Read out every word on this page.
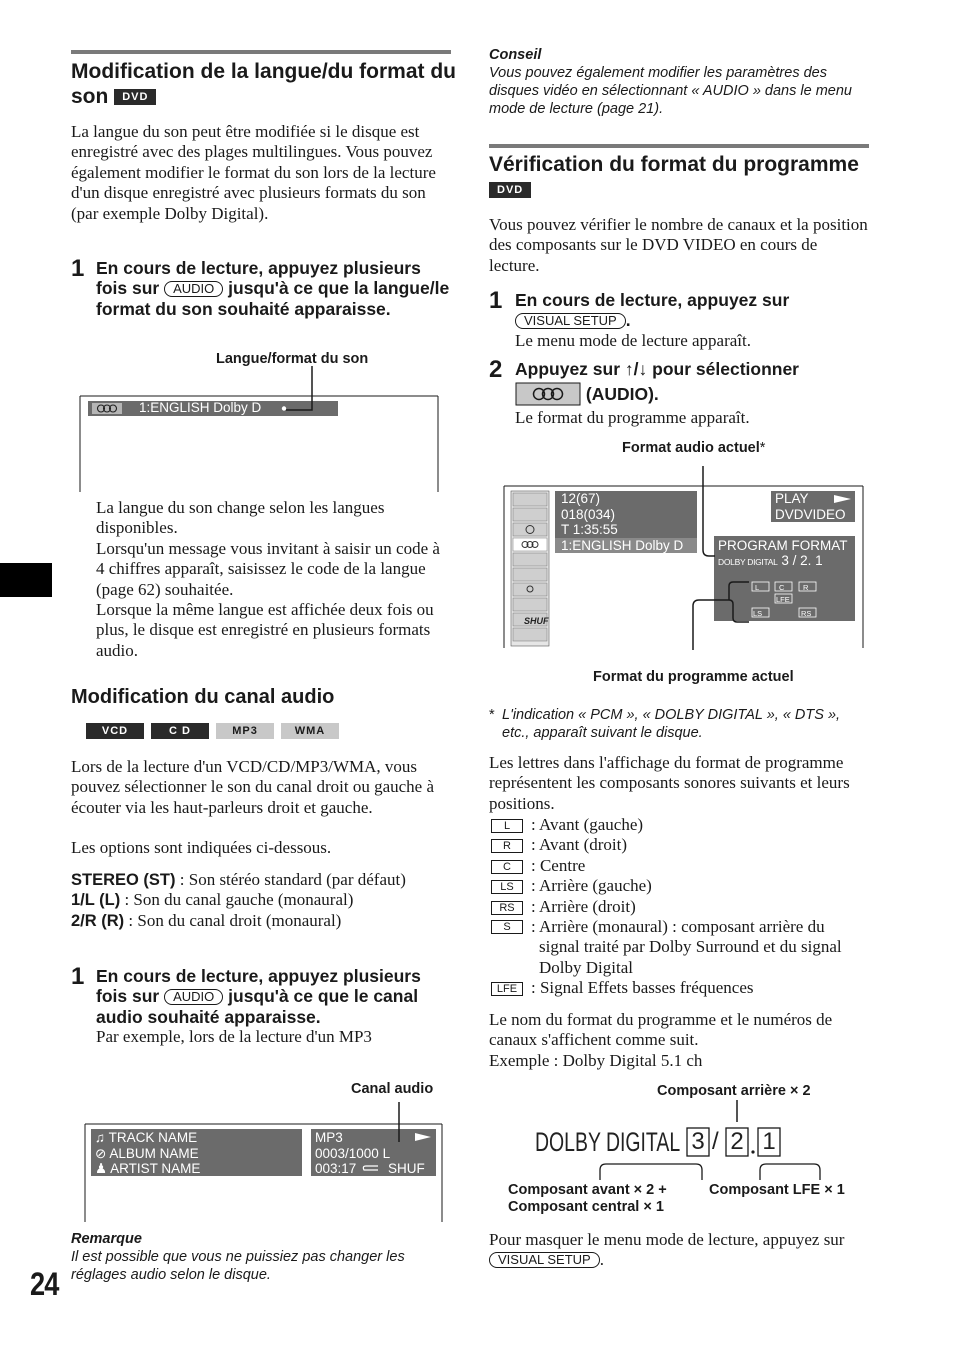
Modification de la langue/du format du son DVD

La langue du son peut être modifiée si le disque est enregistré avec des plages multilingues. Vous pouvez également modifier le format du son lors de la lecture d'un disque enregistré avec plusieurs formats du son (par exemple Dolby Digital).

1 En cours de lecture, appuyez plusieurs fois sur AUDIO jusqu'à ce que la langue/le format du son souhaité apparaisse.
Langue/format du son
1:ENGLISH Dolby D

La langue du son change selon les langues disponibles.

Lorsqu'un message vous invitant à saisir un code à 4 chiffres apparaît, saisissez le code de la langue (page 62) souhaitée.

Lorsque la même langue est affichée deux fois ou plus, le disque est enregistré en plusieurs formats audio.

Modification du canal audio
VCD	C D	MP3	WMA

Lors de la lecture d'un VCD/CD/MP3/WMA, vous pouvez sélectionner le son du canal droit ou gauche à écouter via les haut-parleurs droit et gauche.

Les options sont indiquées ci-dessous.

STEREO (ST) : Son stéréo standard (par défaut)

1/L (L) : Son du canal gauche (monaural)

2/R (R) : Son du canal droit (monaural)

1 En cours de lecture, appuyez plusieurs fois sur AUDIO jusqu'à ce que le canal audio souhaité apparaisse.

Par exemple, lors de la lecture d'un MP3

Canal audio
♫ TRACK NAME
⊘ ALBUM NAME
♟ ARTIST NAME
MP3
0003/1000 L
003:17 SHUF
Remarque
Il est possible que vous ne puissiez pas changer les réglages audio selon le disque.
24
Conseil
Vous pouvez également modifier les paramètres des disques vidéo en sélectionnant « AUDIO » dans le menu mode de lecture (page 21).
Vérification du format du programme DVD

Vous pouvez vérifier le nombre de canaux et la position des composants sur le DVD VIDEO en cours de lecture.

1 En cours de lecture, appuyez sur VISUAL SETUP .

Le menu mode de lecture apparaît.

2 Appuyez sur ↑/↓ pour sélectionner
(AUDIO).

Le format du programme apparaît.

Format audio actuel*
12(67)
018(034)
T 1:35:55
1:ENGLISH Dolby D
PLAY
DVDVIDEO
PROGRAM FORMAT
DOLBY DIGITAL 3 / 2. 1
L	C R
LFE
LS	RS
SHUF
Format du programme actuel
* L'indication « PCM », « DOLBY DIGITAL », « DTS », etc., apparaît suivant le disque.

Les lettres dans l'affichage du format de programme représentent les composants sonores suivants et leurs positions.

L : Avant (gauche)
R : Avant (droit)
C : Centre
LS : Arrière (gauche)
RS : Arrière (droit)
S	: Arrière (monaural) : composant arrière du signal traité par Dolby Surround et du signal Dolby Digital
LFE : Signal Effets basses fréquences

Le nom du format du programme et le numéros de canaux s'affichent comme suit.

Exemple : Dolby Digital 5.1 ch

Composant arrière × 2
DOLBY DIGITAL 3 / 2 1
Composant avant × 2 +
Composant central × 1
Composant LFE × 1

Pour masquer le menu mode de lecture, appuyez sur VISUAL SETUP .
